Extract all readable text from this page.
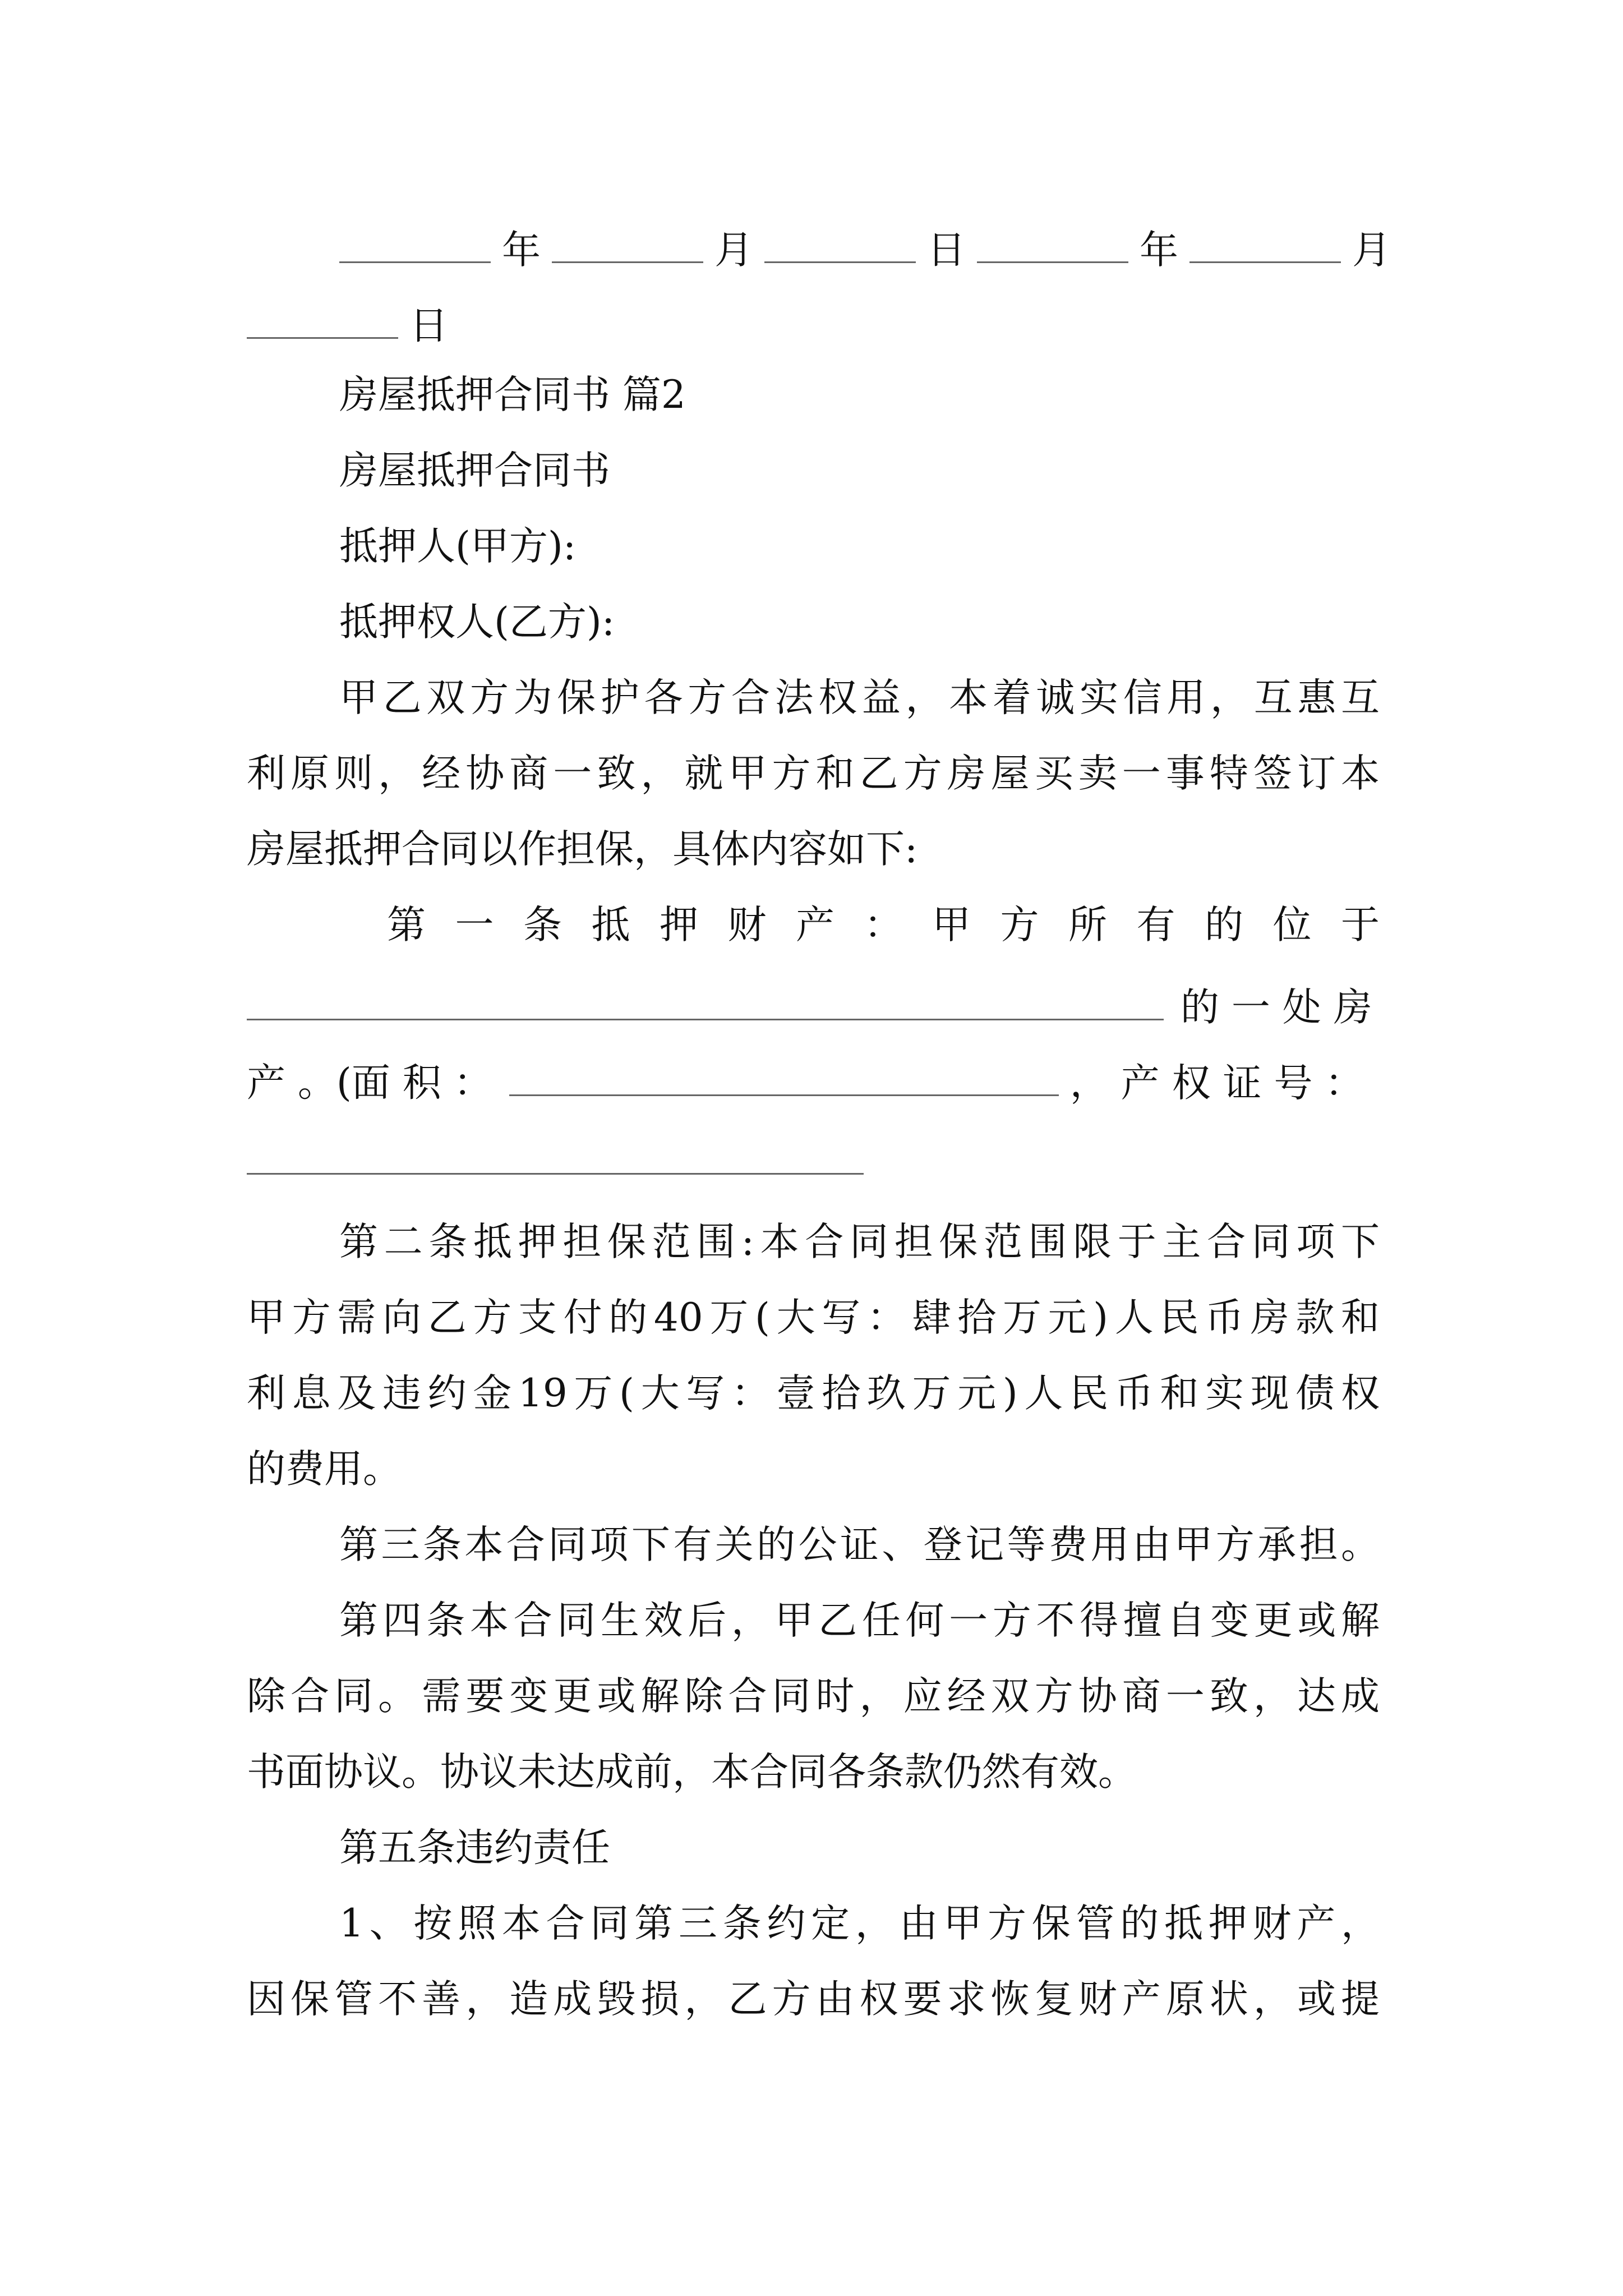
年	月	日	年	月
日
房屋抵押合同书 篇2
房屋抵押合同书
抵押人(甲方):
抵押权人(乙方):
甲乙双方为保护各方合法权益，本着诚实信用，互惠互
利原则，经协商一致，就甲方和乙方房屋买卖一事特签订本
房屋抵押合同以作担保，具体内容如下:
第 一 条 抵 押 财 产 ： 甲 方 所 有 的 位 于
的 一 处 房
产 。(面 积 ：	， 产 权 证 号 ：
第二条抵押担保范围:本合同担保范围限于主合同项下
甲方需向乙方支付的40万(大写：肆拾万元)人民币房款和
利息及违约金19万(大写：壹拾玖万元)人民币和实现债权
的费用。
第三条本合同项下有关的公证、登记等费用由甲方承担。
第四条本合同生效后，甲乙任何一方不得擅自变更或解
除合同。需要变更或解除合同时，应经双方协商一致，达成
书面协议。协议未达成前，本合同各条款仍然有效。
第五条违约责任
1、按照本合同第三条约定，由甲方保管的抵押财产，
因保管不善，造成毁损，乙方由权要求恢复财产原状，或提
